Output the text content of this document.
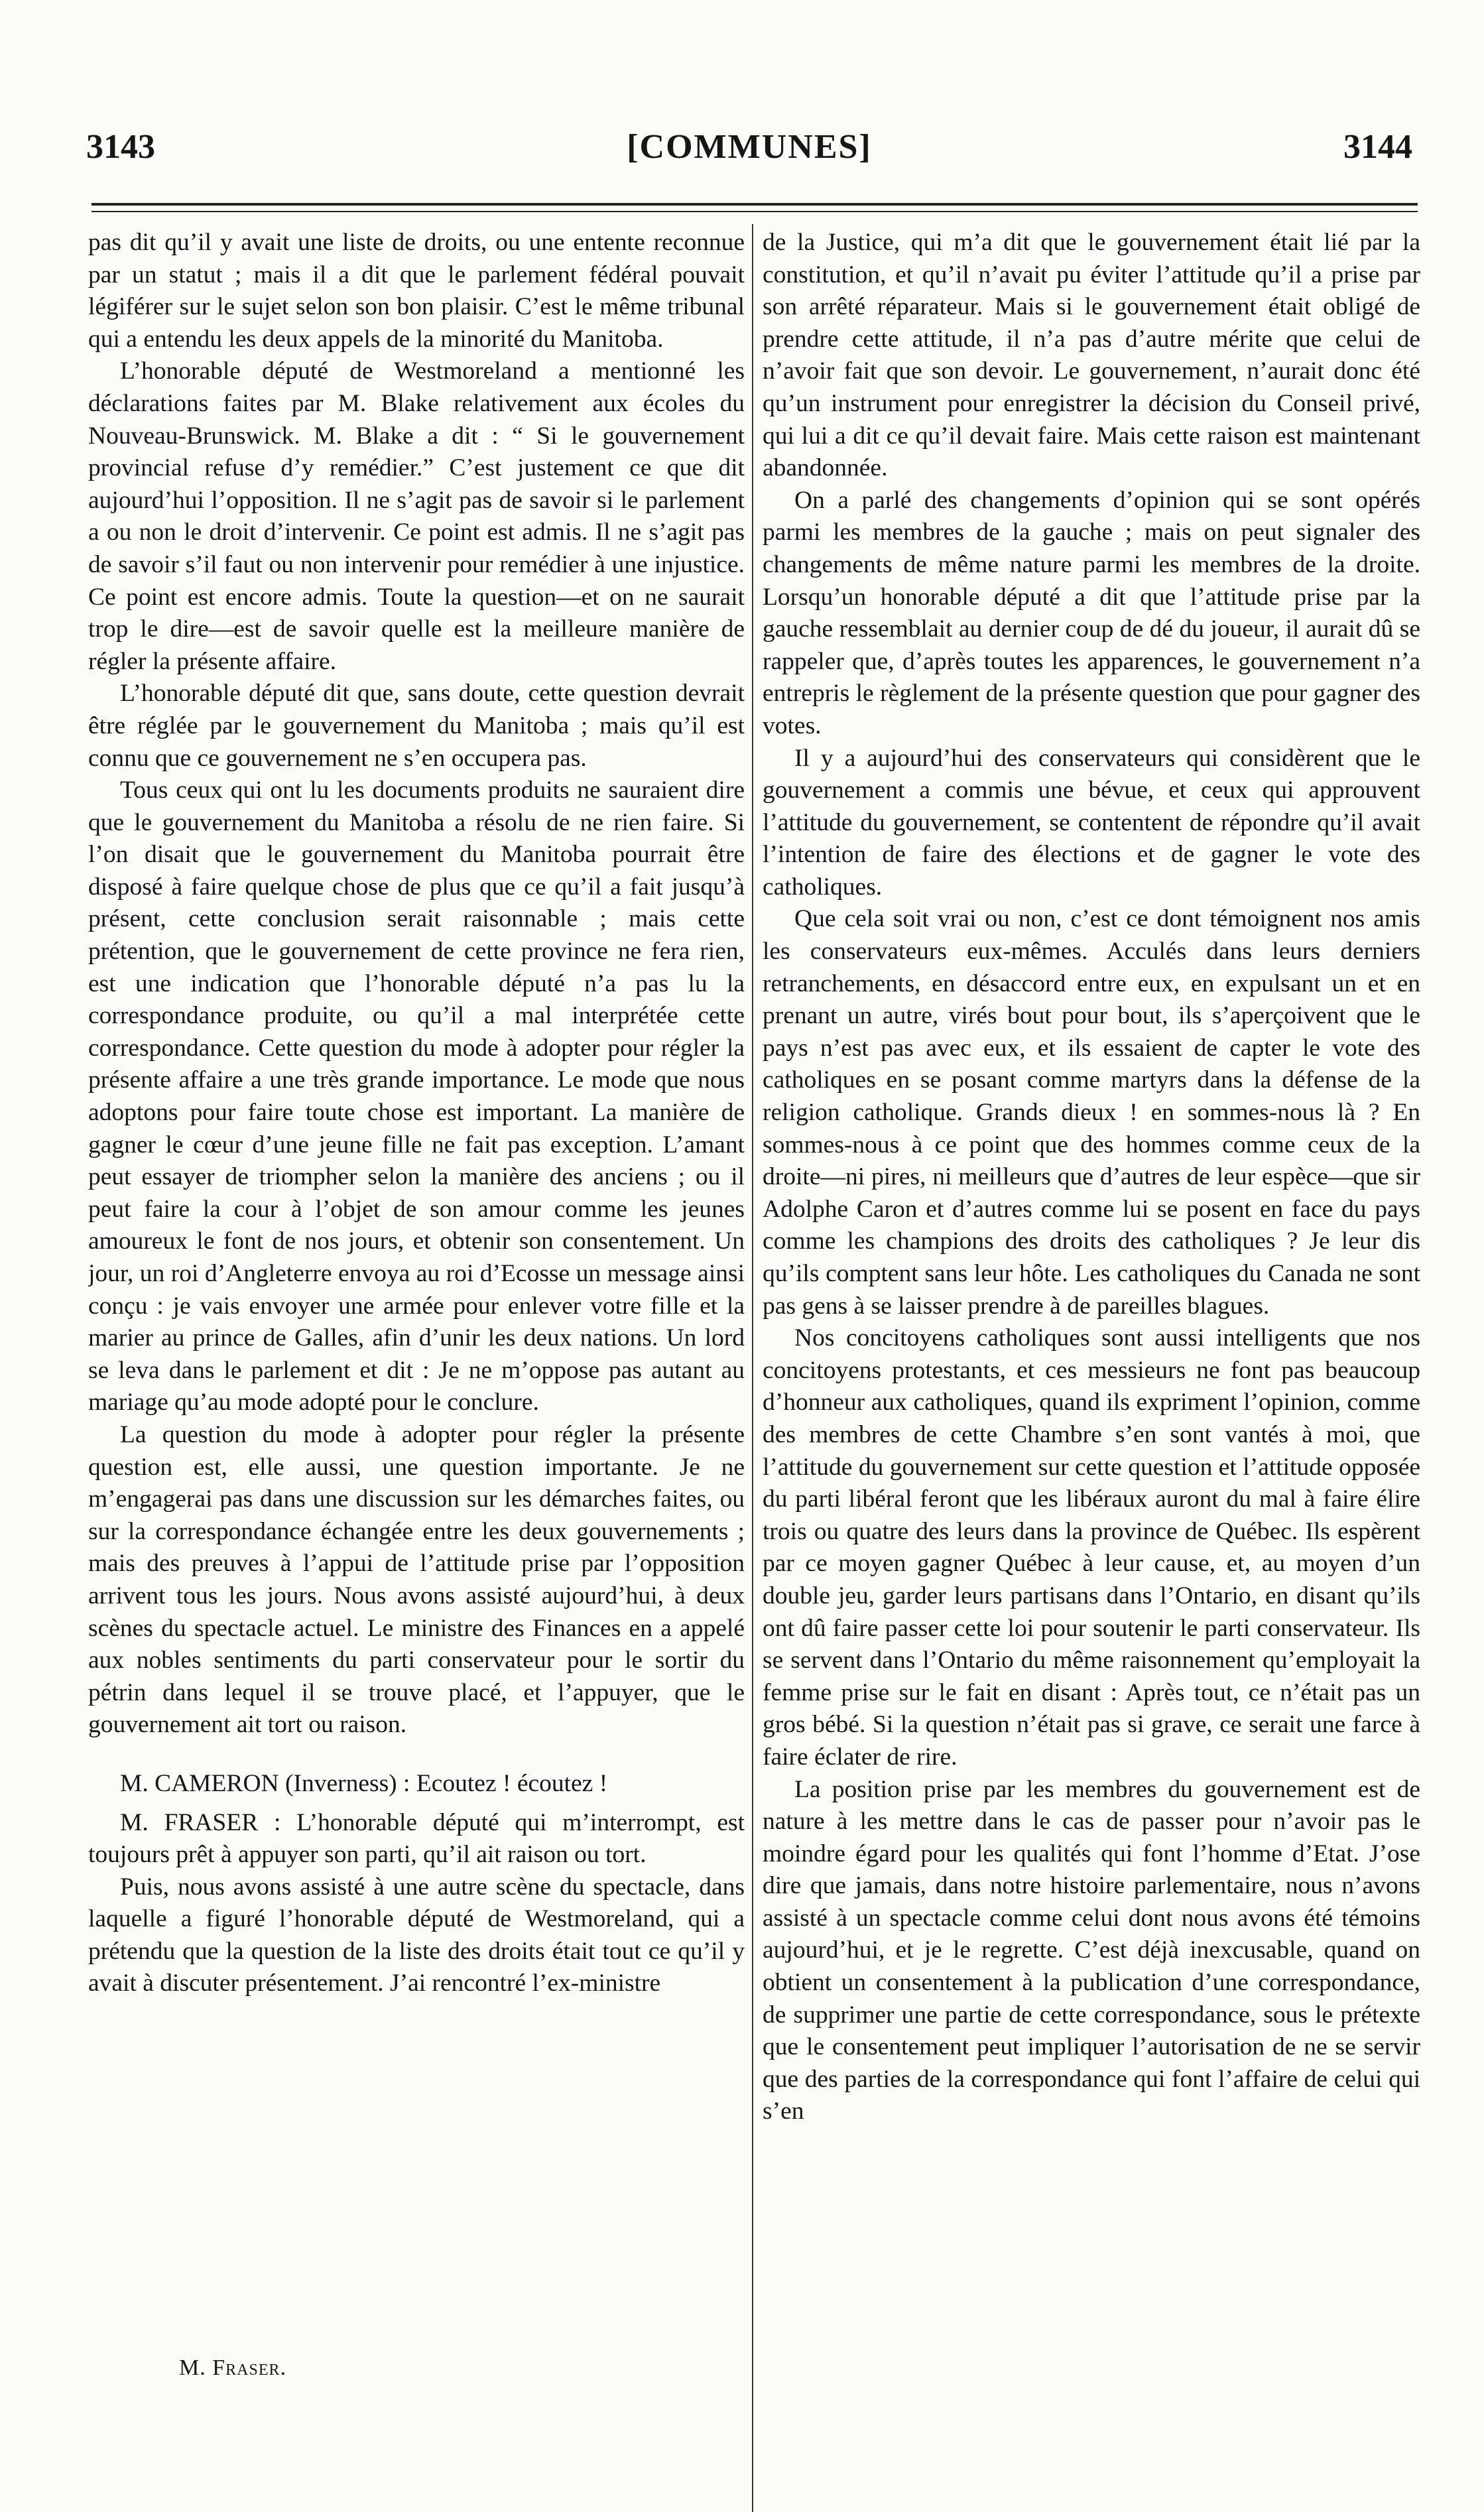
3143	[COMMUNES]	3144

pas dit qu’il y avait une liste de droits, ou une entente reconnue par un statut ; mais il a dit que le parlement fédéral pouvait légiférer sur le sujet selon son bon plaisir. C’est le même tribunal qui a entendu les deux appels de la minorité du Manitoba.

L’honorable député de Westmoreland a mentionné les déclarations faites par M. Blake relativement aux écoles du Nouveau-Brunswick. M. Blake a dit : “ Si le gouvernement provincial refuse d’y remédier.” C’est justement ce que dit aujourd’hui l’opposition. Il ne s’agit pas de savoir si le parlement a ou non le droit d’intervenir. Ce point est admis. Il ne s’agit pas de savoir s’il faut ou non intervenir pour remédier à une injustice. Ce point est encore admis. Toute la question—et on ne saurait trop le dire—est de savoir quelle est la meilleure manière de régler la présente affaire.

L’honorable député dit que, sans doute, cette question devrait être réglée par le gouvernement du Manitoba ; mais qu’il est connu que ce gouvernement ne s’en occupera pas.

Tous ceux qui ont lu les documents produits ne sauraient dire que le gouvernement du Manitoba a résolu de ne rien faire. Si l’on disait que le gouvernement du Manitoba pourrait être disposé à faire quelque chose de plus que ce qu’il a fait jusqu’à présent, cette conclusion serait raisonnable ; mais cette prétention, que le gouvernement de cette province ne fera rien, est une indication que l’honorable député n’a pas lu la correspondance produite, ou qu’il a mal interprétée cette correspondance. Cette question du mode à adopter pour régler la présente affaire a une très grande importance. Le mode que nous adoptons pour faire toute chose est important. La manière de gagner le cœur d’une jeune fille ne fait pas exception. L’amant peut essayer de triompher selon la manière des anciens ; ou il peut faire la cour à l’objet de son amour comme les jeunes amoureux le font de nos jours, et obtenir son consentement. Un jour, un roi d’Angleterre envoya au roi d’Ecosse un message ainsi conçu : je vais envoyer une armée pour enlever votre fille et la marier au prince de Galles, afin d’unir les deux nations. Un lord se leva dans le parlement et dit : Je ne m’oppose pas autant au mariage qu’au mode adopté pour le conclure.

La question du mode à adopter pour régler la présente question est, elle aussi, une question importante. Je ne m’engagerai pas dans une discussion sur les démarches faites, ou sur la correspondance échangée entre les deux gouvernements ; mais des preuves à l’appui de l’attitude prise par l’opposition arrivent tous les jours. Nous avons assisté aujourd’hui, à deux scènes du spectacle actuel. Le ministre des Finances en a appelé aux nobles sentiments du parti conservateur pour le sortir du pétrin dans lequel il se trouve placé, et l’appuyer, que le gouvernement ait tort ou raison.

M. CAMERON (Inverness) : Ecoutez ! écoutez !

M. FRASER : L’honorable député qui m’interrompt, est toujours prêt à appuyer son parti, qu’il ait raison ou tort.

Puis, nous avons assisté à une autre scène du spectacle, dans laquelle a figuré l’honorable député de Westmoreland, qui a prétendu que la question de la liste des droits était tout ce qu’il y avait à discuter présentement. J’ai rencontré l’ex-ministre

de la Justice, qui m’a dit que le gouvernement était lié par la constitution, et qu’il n’avait pu éviter l’attitude qu’il a prise par son arrêté réparateur. Mais si le gouvernement était obligé de prendre cette attitude, il n’a pas d’autre mérite que celui de n’avoir fait que son devoir. Le gouvernement, n’aurait donc été qu’un instrument pour enregistrer la décision du Conseil privé, qui lui a dit ce qu’il devait faire. Mais cette raison est maintenant abandonnée.

On a parlé des changements d’opinion qui se sont opérés parmi les membres de la gauche ; mais on peut signaler des changements de même nature parmi les membres de la droite. Lorsqu’un honorable député a dit que l’attitude prise par la gauche ressemblait au dernier coup de dé du joueur, il aurait dû se rappeler que, d’après toutes les apparences, le gouvernement n’a entrepris le règlement de la présente question que pour gagner des votes.

Il y a aujourd’hui des conservateurs qui considèrent que le gouvernement a commis une bévue, et ceux qui approuvent l’attitude du gouvernement, se contentent de répondre qu’il avait l’intention de faire des élections et de gagner le vote des catholiques.

Que cela soit vrai ou non, c’est ce dont témoignent nos amis les conservateurs eux-mêmes. Acculés dans leurs derniers retranchements, en désaccord entre eux, en expulsant un et en prenant un autre, virés bout pour bout, ils s’aperçoivent que le pays n’est pas avec eux, et ils essaient de capter le vote des catholiques en se posant comme martyrs dans la défense de la religion catholique. Grands dieux ! en sommes-nous là ? En sommes-nous à ce point que des hommes comme ceux de la droite—ni pires, ni meilleurs que d’autres de leur espèce—que sir Adolphe Caron et d’autres comme lui se posent en face du pays comme les champions des droits des catholiques ? Je leur dis qu’ils comptent sans leur hôte. Les catholiques du Canada ne sont pas gens à se laisser prendre à de pareilles blagues.

Nos concitoyens catholiques sont aussi intelligents que nos concitoyens protestants, et ces messieurs ne font pas beaucoup d’honneur aux catholiques, quand ils expriment l’opinion, comme des membres de cette Chambre s’en sont vantés à moi, que l’attitude du gouvernement sur cette question et l’attitude opposée du parti libéral feront que les libéraux auront du mal à faire élire trois ou quatre des leurs dans la province de Québec. Ils espèrent par ce moyen gagner Québec à leur cause, et, au moyen d’un double jeu, garder leurs partisans dans l’Ontario, en disant qu’ils ont dû faire passer cette loi pour soutenir le parti conservateur. Ils se servent dans l’Ontario du même raisonnement qu’employait la femme prise sur le fait en disant : Après tout, ce n’était pas un gros bébé. Si la question n’était pas si grave, ce serait une farce à faire éclater de rire.

La position prise par les membres du gouvernement est de nature à les mettre dans le cas de passer pour n’avoir pas le moindre égard pour les qualités qui font l’homme d’Etat. J’ose dire que jamais, dans notre histoire parlementaire, nous n’avons assisté à un spectacle comme celui dont nous avons été témoins aujourd’hui, et je le regrette. C’est déjà inexcusable, quand on obtient un consentement à la publication d’une correspondance, de supprimer une partie de cette correspondance, sous le prétexte que le consentement peut impliquer l’autorisation de ne se servir que des parties de la correspondance qui font l’affaire de celui qui s’en

M. Fraser.
